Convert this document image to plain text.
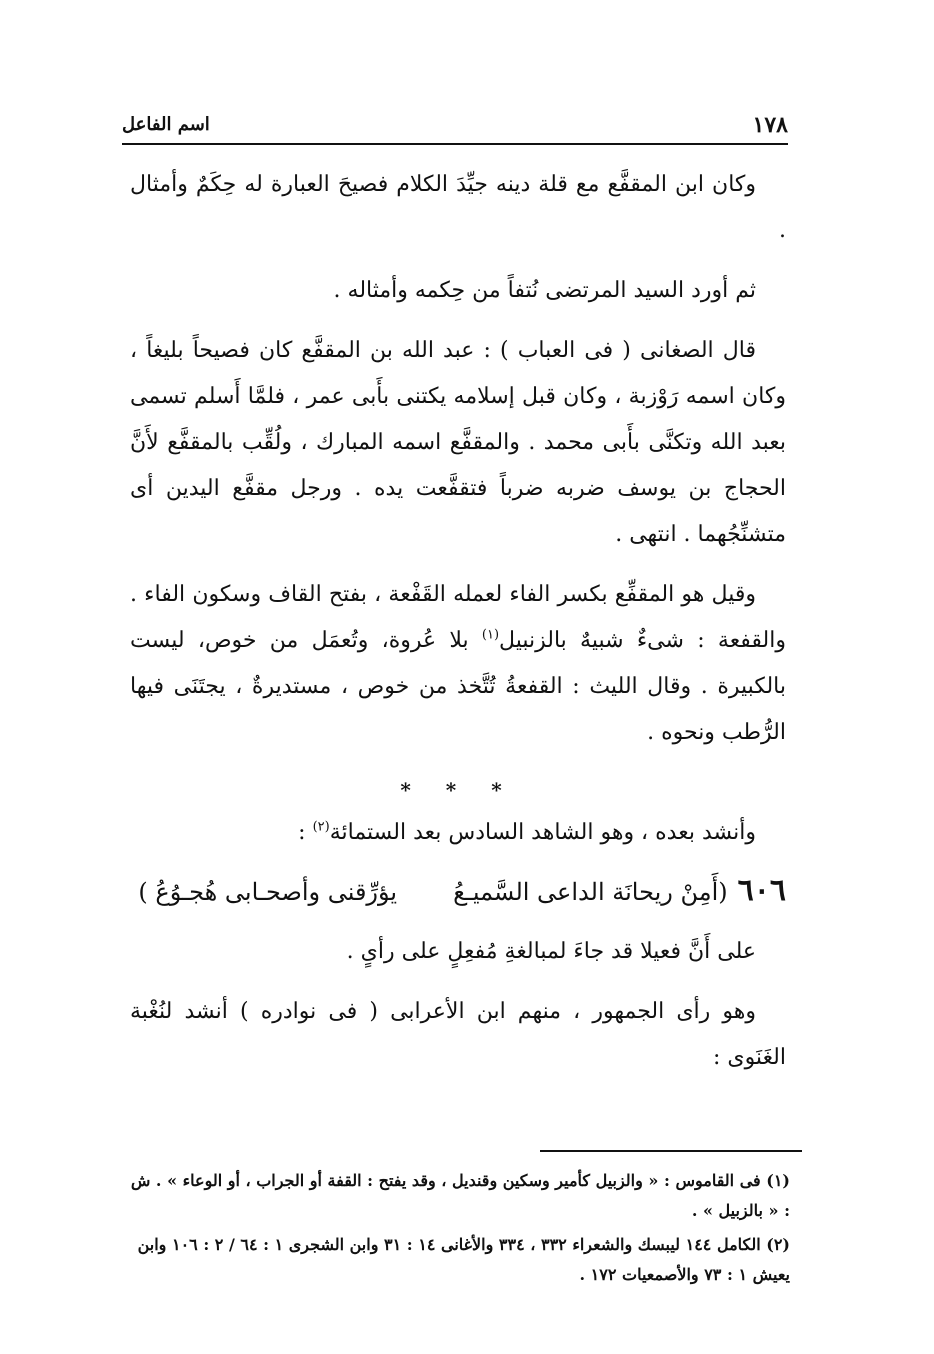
١٧٨
اسم الفاعل

وكان ابن المقفَّع مع قلة دينه جيِّدَ الكلام فصيحَ العبارة له حِكَمٌ وأمثال .

ثم أورد السيد المرتضى نُتفاً من حِكمه وأمثاله .

قال الصغانى ( فى العباب ) : عبد الله بن المقفَّع كان فصيحاً بليغاً ، وكان اسمه رَوْزبة ، وكان قبل إسلامه يكتنى بأَبى عمر ، فلمَّا أَسلم تسمى بعبد الله وتكنَّى بأَبى محمد . والمقفَّع اسمه المبارك ، ولُقِّب بالمقفَّع لأَنَّ الحجاج بن يوسف ضربه ضرباً فتقفَّعت يده . ورجل مقفَّع اليدين أى متشنِّجُهما . انتهى .

وقيل هو المقفِّع بكسر الفاء لعمله القَفْعة ، بفتح القاف وسكون الفاء . والقفعة : شىءٌ شبيهٌ بالزنبيل$^{(١)}$ بلا عُروة، وتُعمَل من خوص، ليست بالكبيرة . وقال الليث : القفعةُ تُتَّخذ من خوص ، مستديرةٌ ، يجتَنَى فيها الرُّطب ونحوه .

* * *

وأنشد بعده ، وهو الشاهد السادس بعد الستمائة$^{(٢)}$ :

٦٠٦
(أَمِنْ ريحانَة الداعى السَّميـعُ
يؤرِّقنى وأصحـابى هُجـوُعُ )

على أَنَّ فعيلا قد جاءَ لمبالغةِ مُفعِلٍ على رأىٍ .

وهو رأى الجمهور ، منهم ابن الأعرابى ( فى نوادره ) أنشد لنُغْبة الغَنَوى :

(١) فى القاموس : « والزبيل كأمير وسكين وقنديل ، وقد يفتح : القفة أو الجراب ، أو الوعاء » . ش : « بالزبيل » .

(٢) الكامل ١٤٤ ليبسك والشعراء ٣٣٢ ، ٣٣٤ والأغانى ١٤ : ٣١ وابن الشجرى ١ : ٦٤ / ٢ : ١٠٦ وابن يعيش ١ : ٧٣ والأصمعيات ١٧٢ .
